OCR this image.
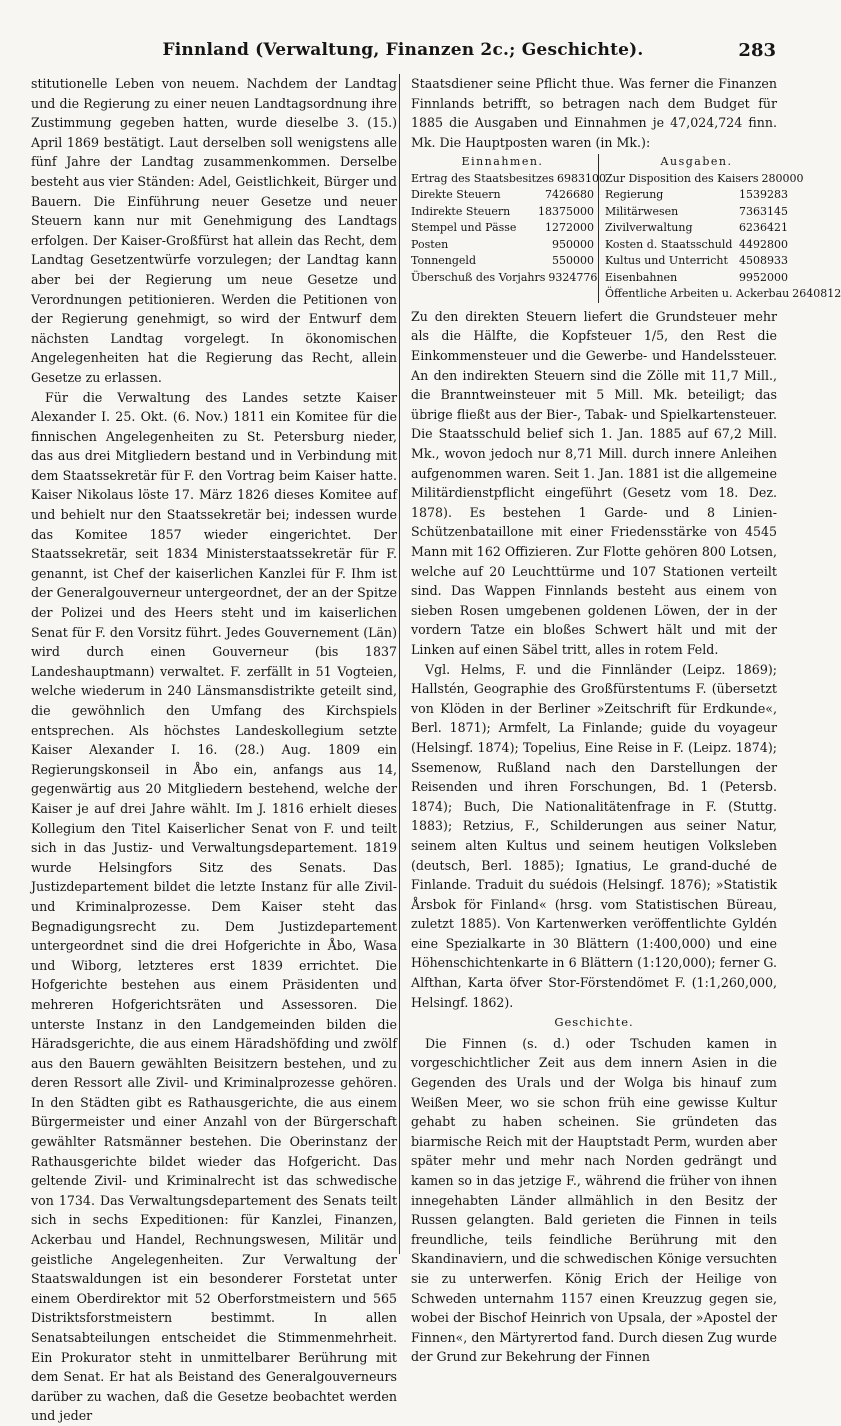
Finnland (Verwaltung, Finanzen 2c.; Geschichte).	283

stitutionelle Leben von neuem. Nachdem der Landtag und die Regierung zu einer neuen Landtagsordnung ihre Zustimmung gegeben hatten, wurde dieselbe 3. (15.) April 1869 bestätigt. Laut derselben soll wenigstens alle fünf Jahre der Landtag zusammenkommen. Derselbe besteht aus vier Ständen: Adel, Geistlichkeit, Bürger und Bauern. Die Einführung neuer Gesetze und neuer Steuern kann nur mit Genehmigung des Landtags erfolgen. Der Kaiser-Großfürst hat allein das Recht, dem Landtag Gesetzentwürfe vorzulegen; der Landtag kann aber bei der Regierung um neue Gesetze und Verordnungen petitionieren. Werden die Petitionen von der Regierung genehmigt, so wird der Entwurf dem nächsten Landtag vorgelegt. In ökonomischen Angelegenheiten hat die Regierung das Recht, allein Gesetze zu erlassen.

Für die Verwaltung des Landes setzte Kaiser Alexander I. 25. Okt. (6. Nov.) 1811 ein Komitee für die finnischen Angelegenheiten zu St. Petersburg nieder, das aus drei Mitgliedern bestand und in Verbindung mit dem Staatssekretär für F. den Vortrag beim Kaiser hatte. Kaiser Nikolaus löste 17. März 1826 dieses Komitee auf und behielt nur den Staatssekretär bei; indessen wurde das Komitee 1857 wieder eingerichtet. Der Staatssekretär, seit 1834 Ministerstaatssekretär für F. genannt, ist Chef der kaiserlichen Kanzlei für F. Ihm ist der Generalgouverneur untergeordnet, der an der Spitze der Polizei und des Heers steht und im kaiserlichen Senat für F. den Vorsitz führt. Jedes Gouvernement (Län) wird durch einen Gouverneur (bis 1837 Landeshauptmann) verwaltet. F. zerfällt in 51 Vogteien, welche wiederum in 240 Länsmansdistrikte geteilt sind, die gewöhnlich den Umfang des Kirchspiels entsprechen. Als höchstes Landeskollegium setzte Kaiser Alexander I. 16. (28.) Aug. 1809 ein Regierungskonseil in Åbo ein, anfangs aus 14, gegenwärtig aus 20 Mitgliedern bestehend, welche der Kaiser je auf drei Jahre wählt. Im J. 1816 erhielt dieses Kollegium den Titel Kaiserlicher Senat von F. und teilt sich in das Justiz- und Verwaltungsdepartement. 1819 wurde Helsingfors Sitz des Senats. Das Justizdepartement bildet die letzte Instanz für alle Zivil- und Kriminalprozesse. Dem Kaiser steht das Begnadigungsrecht zu. Dem Justizdepartement untergeordnet sind die drei Hofgerichte in Åbo, Wasa und Wiborg, letzteres erst 1839 errichtet. Die Hofgerichte bestehen aus einem Präsidenten und mehreren Hofgerichtsräten und Assessoren. Die unterste Instanz in den Landgemeinden bilden die Häradsgerichte, die aus einem Häradshöfding und zwölf aus den Bauern gewählten Beisitzern bestehen, und zu deren Ressort alle Zivil- und Kriminalprozesse gehören. In den Städten gibt es Rathausgerichte, die aus einem Bürgermeister und einer Anzahl von der Bürgerschaft gewählter Ratsmänner bestehen. Die Oberinstanz der Rathausgerichte bildet wieder das Hofgericht. Das geltende Zivil- und Kriminalrecht ist das schwedische von 1734. Das Verwaltungsdepartement des Senats teilt sich in sechs Expeditionen: für Kanzlei, Finanzen, Ackerbau und Handel, Rechnungswesen, Militär und geistliche Angelegenheiten. Zur Verwaltung der Staatswaldungen ist ein besonderer Forstetat unter einem Oberdirektor mit 52 Oberforstmeistern und 565 Distriktsforstmeistern bestimmt. In allen Senatsabteilungen entscheidet die Stimmenmehrheit. Ein Prokurator steht in unmittelbarer Berührung mit dem Senat. Er hat als Beistand des Generalgouverneurs darüber zu wachen, daß die Gesetze beobachtet werden und jeder

Staatsdiener seine Pflicht thue. Was ferner die Finanzen Finnlands betrifft, so betragen nach dem Budget für 1885 die Ausgaben und Einnahmen je 47,024,724 finn. Mk. Die Hauptposten waren (in Mk.):

Einnahmen.
Ertrag des Staatsbesitzes 6983100
Direkte Steuern	7426680
Indirekte Steuern	18375000
Stempel und Pässe	1272000
Posten	950000
Tonnengeld	550000
Überschuß des Vorjahrs 9324776
Ausgaben.
Zur Disposition des Kaisers 280000
Regierung	1539283
Militärwesen	7363145
Zivilverwaltung	6236421
Kosten d. Staatsschuld 4492800
Kultus und Unterricht 4508933
Eisenbahnen	9952000
Öffentliche Arbeiten u. Ackerbau 2640812

Zu den direkten Steuern liefert die Grundsteuer mehr als die Hälfte, die Kopfsteuer 1/5, den Rest die Einkommensteuer und die Gewerbe- und Handelssteuer. An den indirekten Steuern sind die Zölle mit 11,7 Mill., die Branntweinsteuer mit 5 Mill. Mk. beteiligt; das übrige fließt aus der Bier-, Tabak- und Spielkartensteuer. Die Staatsschuld belief sich 1. Jan. 1885 auf 67,2 Mill. Mk., wovon jedoch nur 8,71 Mill. durch innere Anleihen aufgenommen waren. Seit 1. Jan. 1881 ist die allgemeine Militärdienstpflicht eingeführt (Gesetz vom 18. Dez. 1878). Es bestehen 1 Garde- und 8 Linien-Schützenbataillone mit einer Friedensstärke von 4545 Mann mit 162 Offizieren. Zur Flotte gehören 800 Lotsen, welche auf 20 Leuchttürme und 107 Stationen verteilt sind. Das Wappen Finnlands besteht aus einem von sieben Rosen umgebenen goldenen Löwen, der in der vordern Tatze ein bloßes Schwert hält und mit der Linken auf einen Säbel tritt, alles in rotem Feld.

Vgl. Helms, F. und die Finnländer (Leipz. 1869); Hallstén, Geographie des Großfürstentums F. (übersetzt von Klöden in der Berliner »Zeitschrift für Erdkunde«, Berl. 1871); Armfelt, La Finlande; guide du voyageur (Helsingf. 1874); Topelius, Eine Reise in F. (Leipz. 1874); Ssemenow, Rußland nach den Darstellungen der Reisenden und ihren Forschungen, Bd. 1 (Petersb. 1874); Buch, Die Nationalitätenfrage in F. (Stuttg. 1883); Retzius, F., Schilderungen aus seiner Natur, seinem alten Kultus und seinem heutigen Volksleben (deutsch, Berl. 1885); Ignatius, Le grand-duché de Finlande. Traduit du suédois (Helsingf. 1876); »Statistik Årsbok för Finland« (hrsg. vom Statistischen Büreau, zuletzt 1885). Von Kartenwerken veröffentlichte Gyldén eine Spezialkarte in 30 Blättern (1:400,000) und eine Höhenschichtenkarte in 6 Blättern (1:120,000); ferner G. Alfthan, Karta öfver Stor-Förstendömet F. (1:1,260,000, Helsingf. 1862).

Geschichte.

Die Finnen (s. d.) oder Tschuden kamen in vorgeschichtlicher Zeit aus dem innern Asien in die Gegenden des Urals und der Wolga bis hinauf zum Weißen Meer, wo sie schon früh eine gewisse Kultur gehabt zu haben scheinen. Sie gründeten das biarmische Reich mit der Hauptstadt Perm, wurden aber später mehr und mehr nach Norden gedrängt und kamen so in das jetzige F., während die früher von ihnen innegehabten Länder allmählich in den Besitz der Russen gelangten. Bald gerieten die Finnen in teils freundliche, teils feindliche Berührung mit den Skandinaviern, und die schwedischen Könige versuchten sie zu unterwerfen. König Erich der Heilige von Schweden unternahm 1157 einen Kreuzzug gegen sie, wobei der Bischof Heinrich von Upsala, der »Apostel der Finnen«, den Märtyrertod fand. Durch diesen Zug wurde der Grund zur Bekehrung der Finnen
